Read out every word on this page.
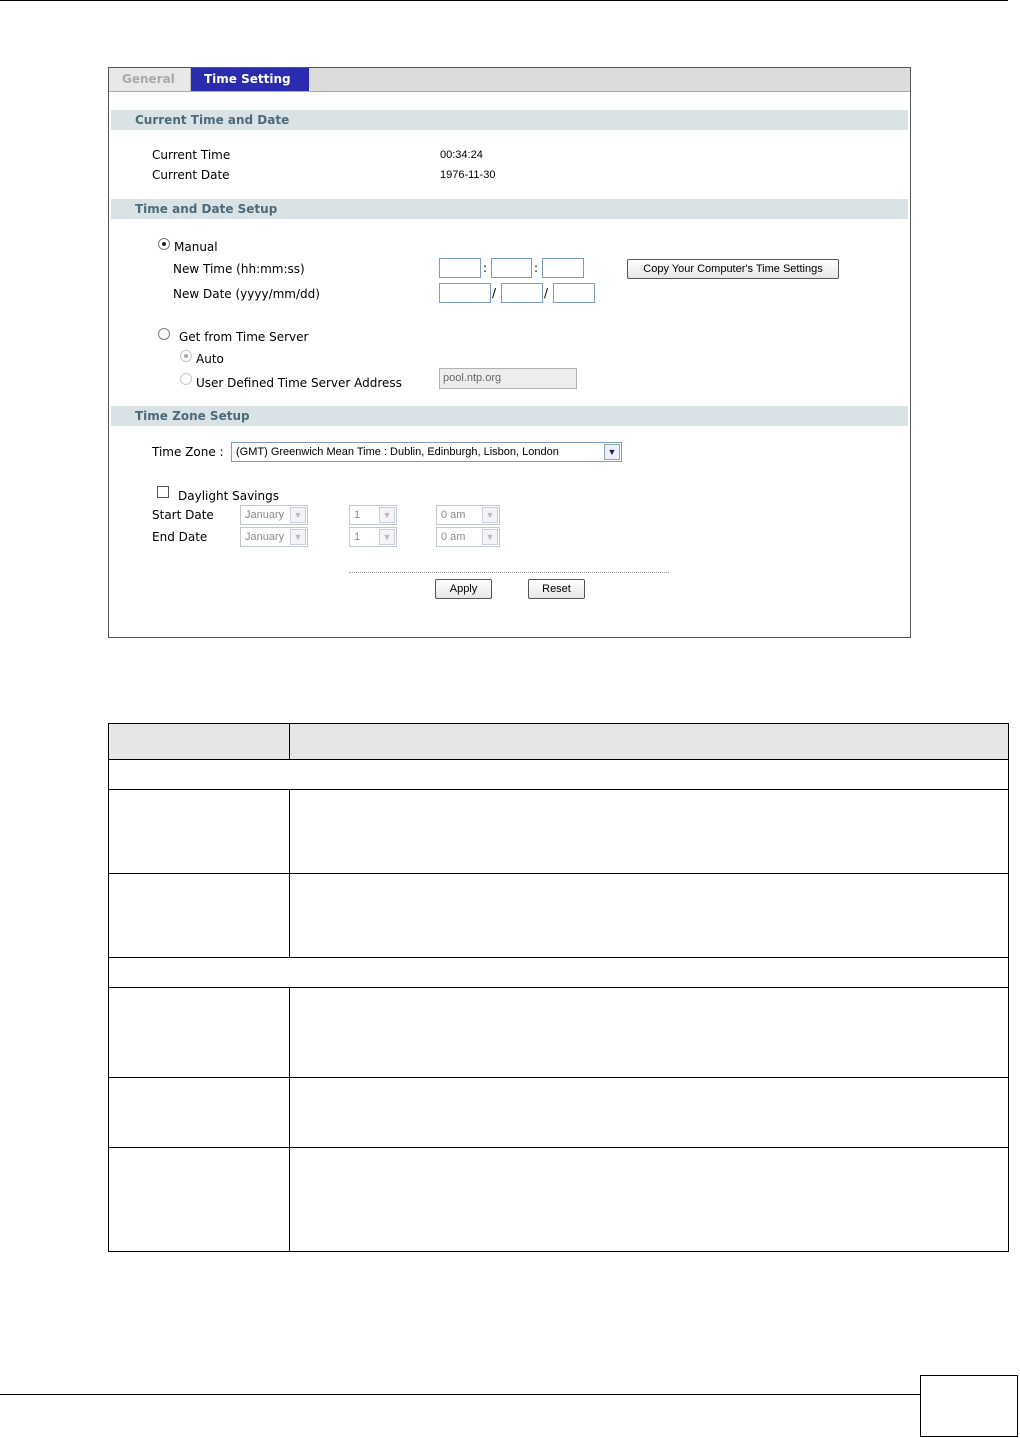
General	Time Setting
Current Time and Date
Current Time	00:34:24
Current Date	1976-11-30
Time and Date Setup
Manual
New Time (hh:mm:ss)	:	:	Copy Your Computer's Time Settings
New Date (yyyy/mm/dd)	/	/
Get from Time Server
Auto
User Defined Time Server Address	pool.ntp.org
Time Zone Setup
Time Zone :	(GMT) Greenwich Mean Time : Dublin, Edinburgh, Lisbon, London	▼
Daylight Savings
Start Date	January	▼	1	▼	0 am	▼
End Date	January	▼	1	▼	0 am	▼
Apply	Reset
